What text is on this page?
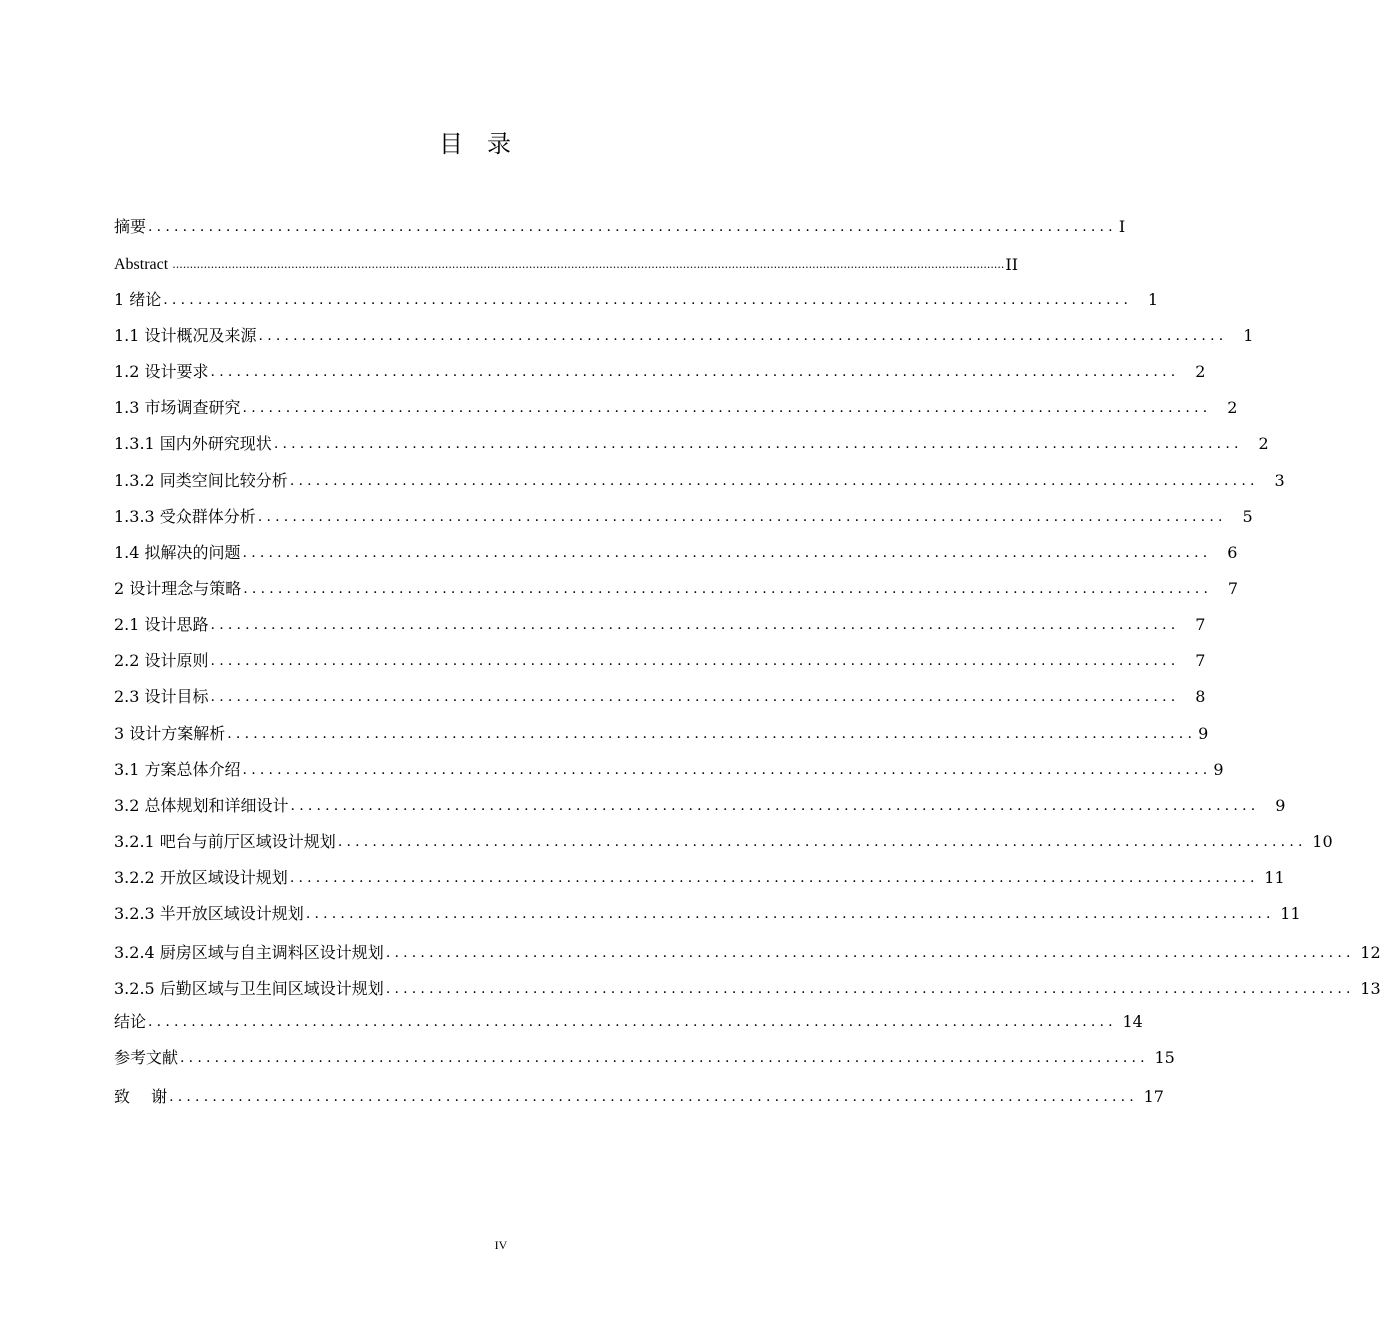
目　录
摘要 ................................................................................................................ I
Abstract .............................................................................................................................................................................................................................................. II
1 绪论 ................................................................................................................ 1
1.1 设计概况及来源 ................................................................................................................ 1
1.2 设计要求 ................................................................................................................ 2
1.3 市场调查研究 ................................................................................................................ 2
1.3.1 国内外研究现状 ................................................................................................................ 2
1.3.2 同类空间比较分析 ................................................................................................................ 3
1.3.3 受众群体分析 ................................................................................................................ 5
1.4 拟解决的问题 ................................................................................................................ 6
2 设计理念与策略 ................................................................................................................ 7
2.1 设计思路 ................................................................................................................ 7
2.2 设计原则 ................................................................................................................ 7
2.3 设计目标 ................................................................................................................ 8
3 设计方案解析 ................................................................................................................ 9
3.1 方案总体介绍 ................................................................................................................ 9
3.2 总体规划和详细设计 ................................................................................................................ 9
3.2.1 吧台与前厅区域设计规划 ................................................................................................................ 10
3.2.2 开放区域设计规划 ................................................................................................................ 11
3.2.3 半开放区域设计规划 ................................................................................................................ 11
3.2.4 厨房区域与自主调料区设计规划 ................................................................................................................ 12
3.2.5 后勤区域与卫生间区域设计规划 ................................................................................................................ 13
结论 ................................................................................................................ 14
参考文献 ................................................................................................................ 15
致　 谢 ................................................................................................................ 17
IV
